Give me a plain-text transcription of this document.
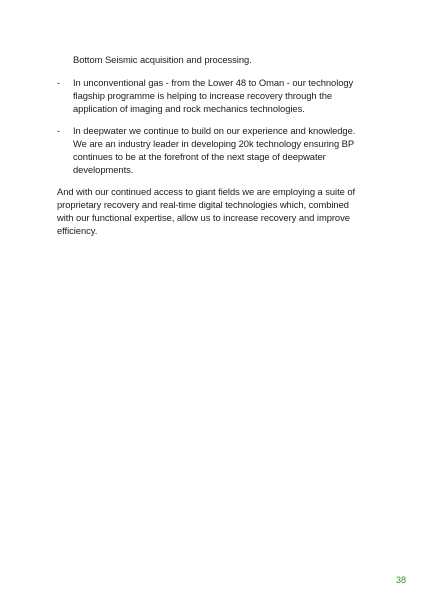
Bottom Seismic acquisition and processing.

-	In unconventional gas - from the Lower 48 to Oman - our technology flagship programme is helping to increase recovery through the application of imaging and rock mechanics technologies.
-	In deepwater we continue to build on our experience and knowledge. We are an industry leader in developing 20k technology ensuring BP continues to be at the forefront of the next stage of deepwater developments.

And with our continued access to giant fields we are employing a suite of proprietary recovery and real-time digital technologies which, combined with our functional expertise, allow us to increase recovery and improve efficiency.

38
